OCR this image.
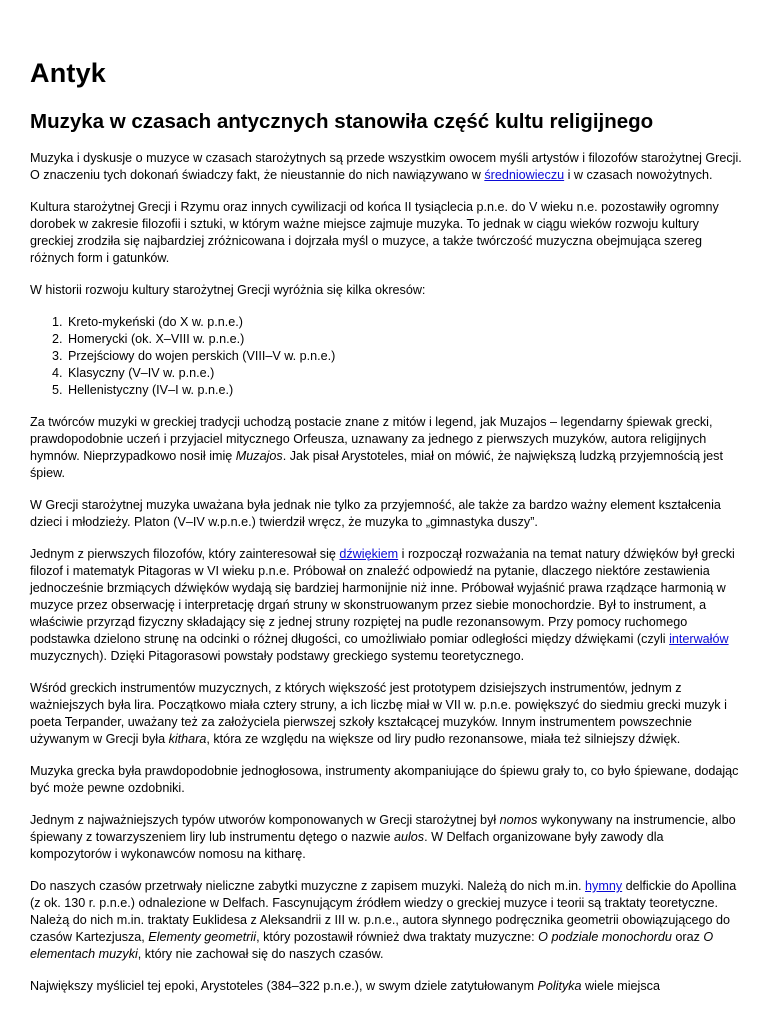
Antyk
Muzyka w czasach antycznych stanowiła część kultu religijnego

Muzyka i dyskusje o muzyce w czasach starożytnych są przede wszystkim owocem myśli artystów i filozofów starożytnej Grecji. O znaczeniu tych dokonań świadczy fakt, że nieustannie do nich nawiązywano w średniowieczu i w czasach nowożytnych.

Kultura starożytnej Grecji i Rzymu oraz innych cywilizacji od końca II tysiąclecia p.n.e. do V wieku n.e. pozostawiły ogromny dorobek w zakresie filozofii i sztuki, w którym ważne miejsce zajmuje muzyka. To jednak w ciągu wieków rozwoju kultury greckiej zrodziła się najbardziej zróżnicowana i dojrzała myśl o muzyce, a także twórczość muzyczna obejmująca szereg różnych form i gatunków.

W historii rozwoju kultury starożytnej Grecji wyróżnia się kilka okresów:

1. Kreto-mykeński (do X w. p.n.e.)
2. Homerycki (ok. X–VIII w. p.n.e.)
3. Przejściowy do wojen perskich (VIII–V w. p.n.e.)
4. Klasyczny (V–IV w. p.n.e.)
5. Hellenistyczny (IV–I w. p.n.e.)

Za twórców muzyki w greckiej tradycji uchodzą postacie znane z mitów i legend, jak Muzajos – legendarny śpiewak grecki, prawdopodobnie uczeń i przyjaciel mitycznego Orfeusza, uznawany za jednego z pierwszych muzyków, autora religijnych hymnów. Nieprzypadkowo nosił imię Muzajos. Jak pisał Arystoteles, miał on mówić, że największą ludzką przyjemnością jest śpiew.

W Grecji starożytnej muzyka uważana była jednak nie tylko za przyjemność, ale także za bardzo ważny element kształcenia dzieci i młodzieży. Platon (V–IV w.p.n.e.) twierdził wręcz, że muzyka to „gimnastyka duszy”.

Jednym z pierwszych filozofów, który zainteresował się dźwiękiem i rozpoczął rozważania na temat natury dźwięków był grecki filozof i matematyk Pitagoras w VI wieku p.n.e. Próbował on znaleźć odpowiedź na pytanie, dlaczego niektóre zestawienia jednocześnie brzmiących dźwięków wydają się bardziej harmonijnie niż inne. Próbował wyjaśnić prawa rządzące harmonią w muzyce przez obserwację i interpretację drgań struny w skonstruowanym przez siebie monochordzie. Był to instrument, a właściwie przyrząd fizyczny składający się z jednej struny rozpiętej na pudle rezonansowym. Przy pomocy ruchomego podstawka dzielono strunę na odcinki o różnej długości, co umożliwiało pomiar odległości między dźwiękami (czyli interwałów muzycznych). Dzięki Pitagorasowi powstały podstawy greckiego systemu teoretycznego.

Wśród greckich instrumentów muzycznych, z których większość jest prototypem dzisiejszych instrumentów, jednym z ważniejszych była lira. Początkowo miała cztery struny, a ich liczbę miał w VII w. p.n.e. powiększyć do siedmiu grecki muzyk i poeta Terpander, uważany też za założyciela pierwszej szkoły kształcącej muzyków. Innym instrumentem powszechnie używanym w Grecji była kithara, która ze względu na większe od liry pudło rezonansowe, miała też silniejszy dźwięk.

Muzyka grecka była prawdopodobnie jednogłosowa, instrumenty akompaniujące do śpiewu grały to, co było śpiewane, dodając być może pewne ozdobniki.

Jednym z najważniejszych typów utworów komponowanych w Grecji starożytnej był nomos wykonywany na instrumencie, albo śpiewany z towarzyszeniem liry lub instrumentu dętego o nazwie aulos. W Delfach organizowane były zawody dla kompozytorów i wykonawców nomosu na kitharę.

Do naszych czasów przetrwały nieliczne zabytki muzyczne z zapisem muzyki. Należą do nich m.in. hymny delfickie do Apollina (z ok. 130 r. p.n.e.) odnalezione w Delfach. Fascynującym źródłem wiedzy o greckiej muzyce i teorii są traktaty teoretyczne. Należą do nich m.in. traktaty Euklidesa z Aleksandrii z III w. p.n.e., autora słynnego podręcznika geometrii obowiązującego do czasów Kartezjusza, Elementy geometrii, który pozostawił również dwa traktaty muzyczne: O podziale monochordu oraz O elementach muzyki, który nie zachował się do naszych czasów.

Największy myśliciel tej epoki, Arystoteles (384–322 p.n.e.), w swym dziele zatytułowanym Polityka wiele miejsca
